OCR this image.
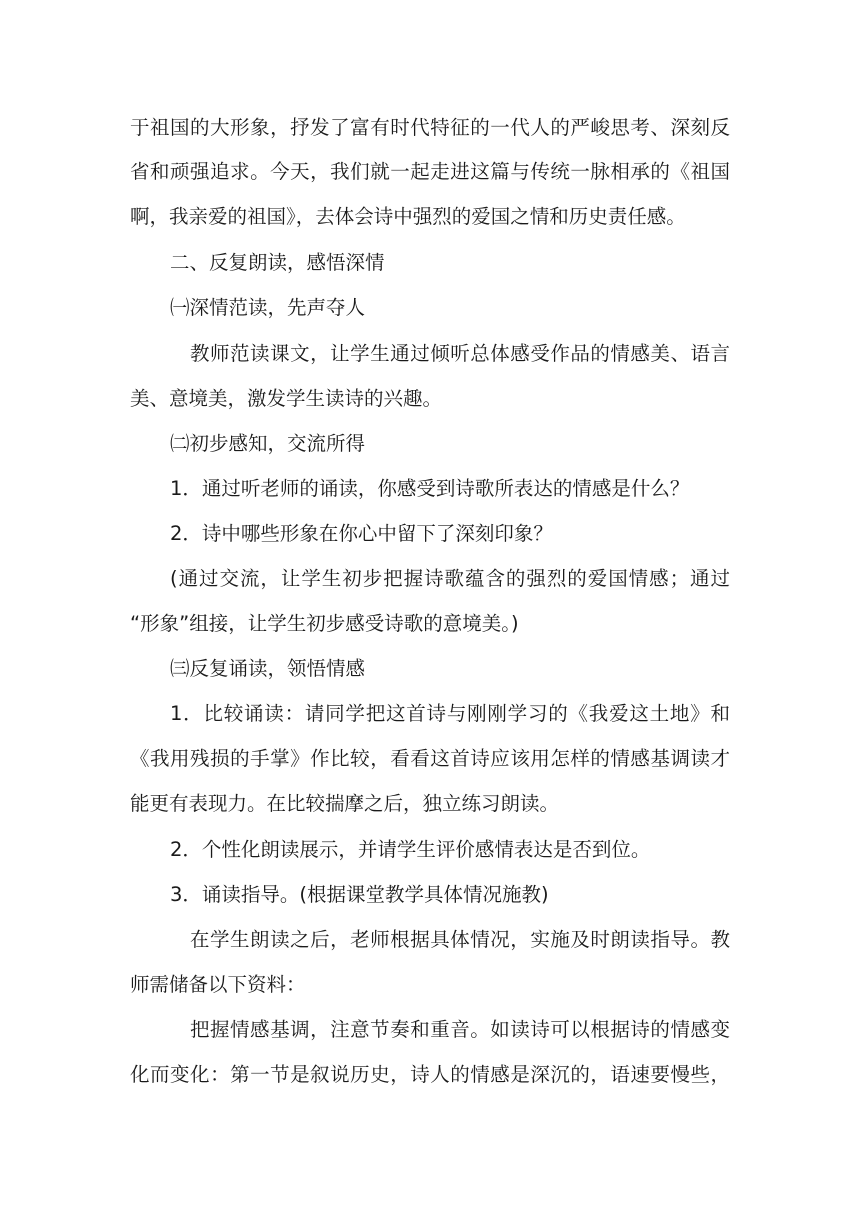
于祖国的大形象，抒发了富有时代特征的一代人的严峻思考、深刻反
省和顽强追求。今天，我们就一起走进这篇与传统一脉相承的《祖国
啊，我亲爱的祖国》，去体会诗中强烈的爱国之情和历史责任感。
二、反复朗读，感悟深情
㈠深情范读，先声夺人
教师范读课文，让学生通过倾听总体感受作品的情感美、语言
美、意境美，激发学生读诗的兴趣。
㈡初步感知，交流所得
1．通过听老师的诵读，你感受到诗歌所表达的情感是什么？
2．诗中哪些形象在你心中留下了深刻印象？
(通过交流，让学生初步把握诗歌蕴含的强烈的爱国情感；通过
“形象”组接，让学生初步感受诗歌的意境美。)
㈢反复诵读，领悟情感
1．比较诵读：请同学把这首诗与刚刚学习的《我爱这土地》和
《我用残损的手掌》作比较，看看这首诗应该用怎样的情感基调读才
能更有表现力。在比较揣摩之后，独立练习朗读。
2．个性化朗读展示，并请学生评价感情表达是否到位。
3．诵读指导。(根据课堂教学具体情况施教)
在学生朗读之后，老师根据具体情况，实施及时朗读指导。教
师需储备以下资料：
把握情感基调，注意节奏和重音。如读诗可以根据诗的情感变
化而变化：第一节是叙说历史，诗人的情感是深沉的，语速要慢些，
